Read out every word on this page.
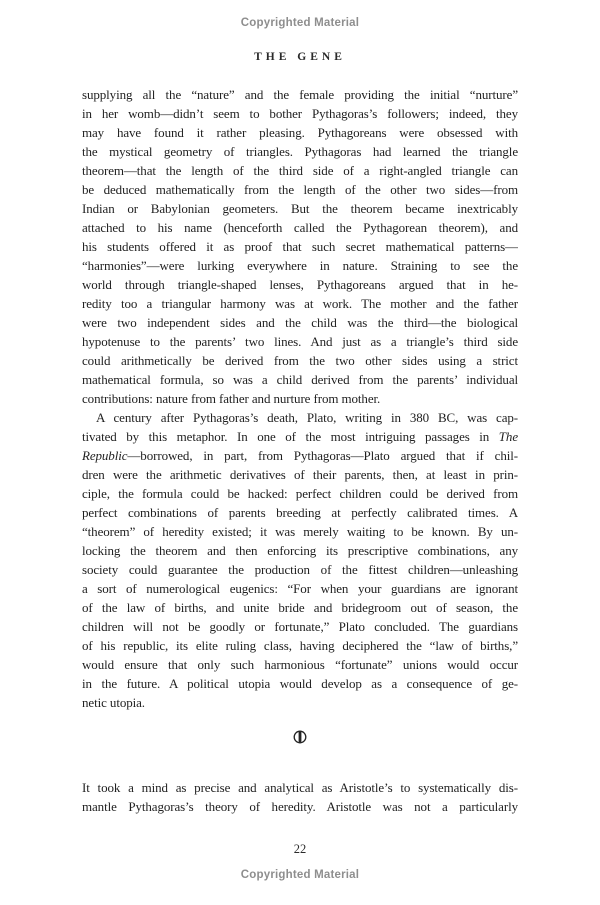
Copyrighted Material
THE GENE
supplying all the “nature” and the female providing the initial “nurture”
in her womb—didn’t seem to bother Pythagoras’s followers; indeed, they
may have found it rather pleasing. Pythagoreans were obsessed with
the mystical geometry of triangles. Pythagoras had learned the triangle
theorem—that the length of the third side of a right-angled triangle can
be deduced mathematically from the length of the other two sides—from
Indian or Babylonian geometers. But the theorem became inextricably
attached to his name (henceforth called the Pythagorean theorem), and
his students offered it as proof that such secret mathematical patterns—
“harmonies”—were lurking everywhere in nature. Straining to see the
world through triangle-shaped lenses, Pythagoreans argued that in he-
redity too a triangular harmony was at work. The mother and the father
were two independent sides and the child was the third—the biological
hypotenuse to the parents’ two lines. And just as a triangle’s third side
could arithmetically be derived from the two other sides using a strict
mathematical formula, so was a child derived from the parents’ individual
contributions: nature from father and nurture from mother.
A century after Pythagoras’s death, Plato, writing in 380 BC, was cap-
tivated by this metaphor. In one of the most intriguing passages in The
Republic—borrowed, in part, from Pythagoras—Plato argued that if chil-
dren were the arithmetic derivatives of their parents, then, at least in prin-
ciple, the formula could be hacked: perfect children could be derived from
perfect combinations of parents breeding at perfectly calibrated times. A
“theorem” of heredity existed; it was merely waiting to be known. By un-
locking the theorem and then enforcing its prescriptive combinations, any
society could guarantee the production of the fittest children—unleashing
a sort of numerological eugenics: “For when your guardians are ignorant
of the law of births, and unite bride and bridegroom out of season, the
children will not be goodly or fortunate,” Plato concluded. The guardians
of his republic, its elite ruling class, having deciphered the “law of births,”
would ensure that only such harmonious “fortunate” unions would occur
in the future. A political utopia would develop as a consequence of ge-
netic utopia.
It took a mind as precise and analytical as Aristotle’s to systematically dis-
mantle Pythagoras’s theory of heredity. Aristotle was not a particularly
22
Copyrighted Material
